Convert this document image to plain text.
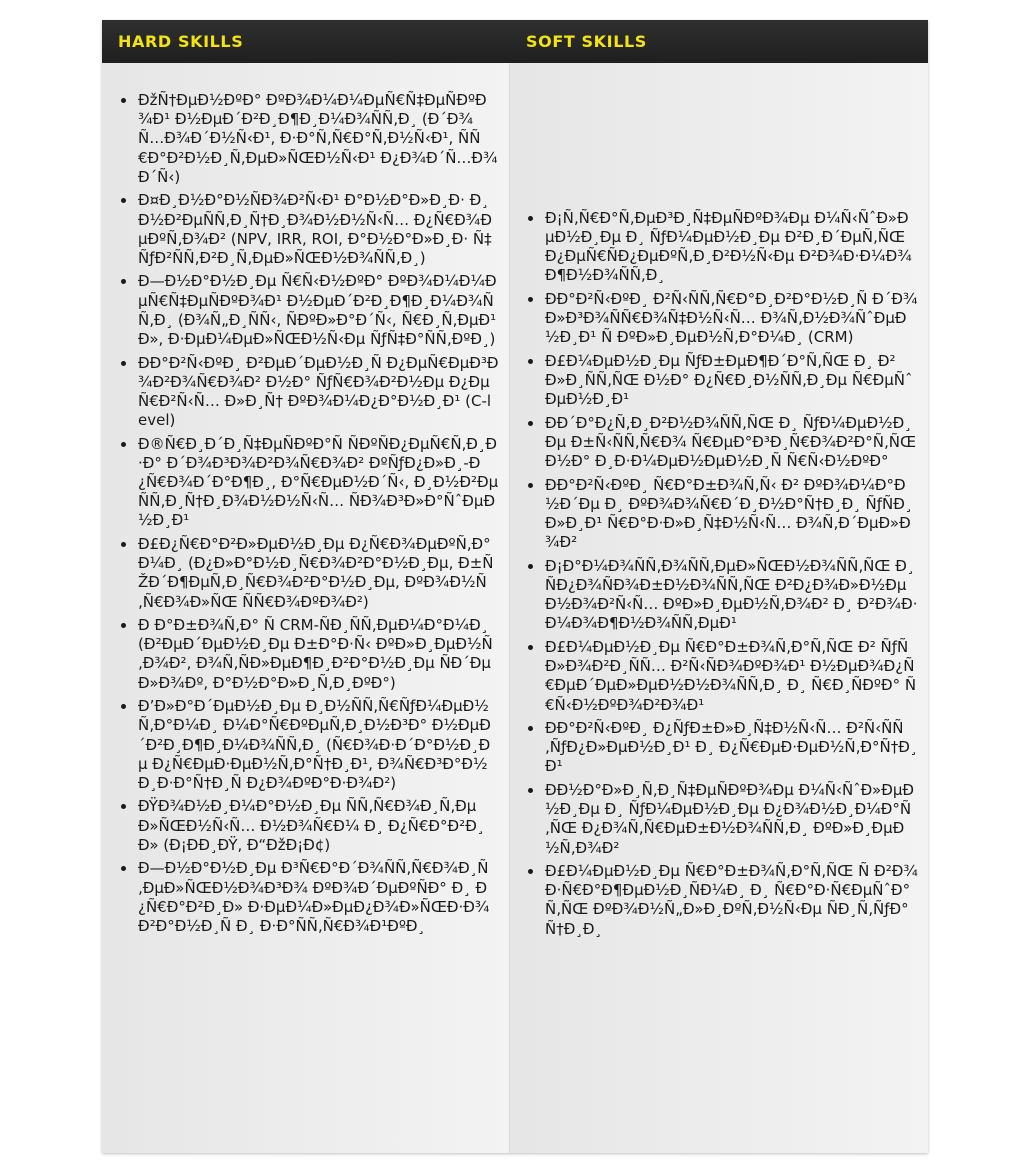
HARD SKILLS	SOFT SKILLS
ÐžÑ†ÐµÐ½ÐºÐ° ÐºÐ¾Ð¼Ð¼ÐµÑ€Ñ‡ÐµÑÐºÐ¾Ð¹ Ð½ÐµÐ´Ð²Ð¸Ð¶Ð¸Ð¼Ð¾ÑÑ‚Ð¸ (Ð´Ð¾Ñ…Ð¾Ð´Ð½Ñ‹Ð¹, Ð·Ð°Ñ‚Ñ€Ð°Ñ‚Ð½Ñ‹Ð¹, ÑÑ€Ð°Ð²Ð½Ð¸Ñ‚ÐµÐ»ÑŒÐ½Ñ‹Ð¹ Ð¿Ð¾Ð´Ñ…Ð¾Ð´Ñ‹)
Ð¤Ð¸Ð½Ð°Ð½ÑÐ¾Ð²Ñ‹Ð¹ Ð°Ð½Ð°Ð»Ð¸Ð· Ð¸Ð½Ð²ÐµÑÑ‚Ð¸Ñ†Ð¸Ð¾Ð½Ð½Ñ‹Ñ… Ð¿Ñ€Ð¾ÐµÐºÑ‚Ð¾Ð² (NPV, IRR, ROI, Ð°Ð½Ð°Ð»Ð¸Ð· Ñ‡ÑƒÐ²ÑÑ‚Ð²Ð¸Ñ‚ÐµÐ»ÑŒÐ½Ð¾ÑÑ‚Ð¸)
Ð—Ð½Ð°Ð½Ð¸Ðµ Ñ€Ñ‹Ð½ÐºÐ° ÐºÐ¾Ð¼Ð¼ÐµÑ€Ñ‡ÐµÑÐºÐ¾Ð¹ Ð½ÐµÐ´Ð²Ð¸Ð¶Ð¸Ð¼Ð¾ÑÑ‚Ð¸ (Ð¾Ñ„Ð¸ÑÑ‹, ÑÐºÐ»Ð°Ð´Ñ‹, Ñ€Ð¸Ñ‚ÐµÐ¹Ð», Ð·ÐµÐ¼ÐµÐ»ÑŒÐ½Ñ‹Ðµ ÑƒÑ‡Ð°ÑÑ‚ÐºÐ¸)
ÐÐ°Ð²Ñ‹ÐºÐ¸ Ð²ÐµÐ´ÐµÐ½Ð¸Ñ Ð¿ÐµÑ€ÐµÐ³Ð¾Ð²Ð¾Ñ€Ð¾Ð² Ð½Ð° ÑƒÑ€Ð¾Ð²Ð½Ðµ Ð¿ÐµÑ€Ð²Ñ‹Ñ… Ð»Ð¸Ñ† ÐºÐ¾Ð¼Ð¿Ð°Ð½Ð¸Ð¹ (C-level)
Ð®Ñ€Ð¸Ð´Ð¸Ñ‡ÐµÑÐºÐ°Ñ ÑÐºÑÐ¿ÐµÑ€Ñ‚Ð¸Ð·Ð° Ð´Ð¾Ð³Ð¾Ð²Ð¾Ñ€Ð¾Ð² ÐºÑƒÐ¿Ð»Ð¸-Ð¿Ñ€Ð¾Ð´Ð°Ð¶Ð¸, Ð°Ñ€ÐµÐ½Ð´Ñ‹, Ð¸Ð½Ð²ÐµÑÑ‚Ð¸Ñ†Ð¸Ð¾Ð½Ð½Ñ‹Ñ… ÑÐ¾Ð³Ð»Ð°ÑˆÐµÐ½Ð¸Ð¹
Ð£Ð¿Ñ€Ð°Ð²Ð»ÐµÐ½Ð¸Ðµ Ð¿Ñ€Ð¾ÐµÐºÑ‚Ð°Ð¼Ð¸ (Ð¿Ð»Ð°Ð½Ð¸Ñ€Ð¾Ð²Ð°Ð½Ð¸Ðµ, Ð±ÑŽÐ´Ð¶ÐµÑ‚Ð¸Ñ€Ð¾Ð²Ð°Ð½Ð¸Ðµ, ÐºÐ¾Ð½Ñ‚Ñ€Ð¾Ð»ÑŒ ÑÑ€Ð¾ÐºÐ¾Ð²)
Ð Ð°Ð±Ð¾Ñ‚Ð° Ñ CRM-ÑÐ¸ÑÑ‚ÐµÐ¼Ð°Ð¼Ð¸ (Ð²ÐµÐ´ÐµÐ½Ð¸Ðµ Ð±Ð°Ð·Ñ‹ ÐºÐ»Ð¸ÐµÐ½Ñ‚Ð¾Ð², Ð¾Ñ‚ÑÐ»ÐµÐ¶Ð¸Ð²Ð°Ð½Ð¸Ðµ ÑÐ´ÐµÐ»Ð¾Ðº, Ð°Ð½Ð°Ð»Ð¸Ñ‚Ð¸ÐºÐ°)
Ð’Ð»Ð°Ð´ÐµÐ½Ð¸Ðµ Ð¸Ð½ÑÑ‚Ñ€ÑƒÐ¼ÐµÐ½Ñ‚Ð°Ð¼Ð¸ Ð¼Ð°Ñ€ÐºÐµÑ‚Ð¸Ð½Ð³Ð° Ð½ÐµÐ´Ð²Ð¸Ð¶Ð¸Ð¼Ð¾ÑÑ‚Ð¸ (Ñ€Ð¾Ð·Ð´Ð°Ð½Ð¸Ðµ Ð¿Ñ€ÐµÐ·ÐµÐ½Ñ‚Ð°Ñ†Ð¸Ð¹, Ð¾Ñ€Ð³Ð°Ð½Ð¸Ð·Ð°Ñ†Ð¸Ñ Ð¿Ð¾ÐºÐ°Ð·Ð¾Ð²)
ÐŸÐ¾Ð½Ð¸Ð¼Ð°Ð½Ð¸Ðµ ÑÑ‚Ñ€Ð¾Ð¸Ñ‚ÐµÐ»ÑŒÐ½Ñ‹Ñ… Ð½Ð¾Ñ€Ð¼ Ð¸ Ð¿Ñ€Ð°Ð²Ð¸Ð» (Ð¡ÐÐ¸ÐŸ, Ð“ÐžÐ¡Ð¢)
Ð—Ð½Ð°Ð½Ð¸Ðµ Ð³Ñ€Ð°Ð´Ð¾ÑÑ‚Ñ€Ð¾Ð¸Ñ‚ÐµÐ»ÑŒÐ½Ð¾Ð³Ð¾ ÐºÐ¾Ð´ÐµÐºÑÐ° Ð¸ Ð¿Ñ€Ð°Ð²Ð¸Ð» Ð·ÐµÐ¼Ð»ÐµÐ¿Ð¾Ð»ÑŒÐ·Ð¾Ð²Ð°Ð½Ð¸Ñ Ð¸ Ð·Ð°ÑÑ‚Ñ€Ð¾Ð¹ÐºÐ¸
Ð¡Ñ‚Ñ€Ð°Ñ‚ÐµÐ³Ð¸Ñ‡ÐµÑÐºÐ¾Ðµ Ð¼Ñ‹ÑˆÐ»ÐµÐ½Ð¸Ðµ Ð¸ ÑƒÐ¼ÐµÐ½Ð¸Ðµ Ð²Ð¸Ð´ÐµÑ‚ÑŒ Ð¿ÐµÑ€ÑÐ¿ÐµÐºÑ‚Ð¸Ð²Ð½Ñ‹Ðµ Ð²Ð¾Ð·Ð¼Ð¾Ð¶Ð½Ð¾ÑÑ‚Ð¸
ÐÐ°Ð²Ñ‹ÐºÐ¸ Ð²Ñ‹ÑÑ‚Ñ€Ð°Ð¸Ð²Ð°Ð½Ð¸Ñ Ð´Ð¾Ð»Ð³Ð¾ÑÑ€Ð¾Ñ‡Ð½Ñ‹Ñ… Ð¾Ñ‚Ð½Ð¾ÑˆÐµÐ½Ð¸Ð¹ Ñ ÐºÐ»Ð¸ÐµÐ½Ñ‚Ð°Ð¼Ð¸ (CRM)
Ð£Ð¼ÐµÐ½Ð¸Ðµ ÑƒÐ±ÐµÐ¶Ð´Ð°Ñ‚ÑŒ Ð¸ Ð²Ð»Ð¸ÑÑ‚ÑŒ Ð½Ð° Ð¿Ñ€Ð¸Ð½ÑÑ‚Ð¸Ðµ Ñ€ÐµÑˆÐµÐ½Ð¸Ð¹
ÐÐ´Ð°Ð¿Ñ‚Ð¸Ð²Ð½Ð¾ÑÑ‚ÑŒ Ð¸ ÑƒÐ¼ÐµÐ½Ð¸Ðµ Ð±Ñ‹ÑÑ‚Ñ€Ð¾ Ñ€ÐµÐ°Ð³Ð¸Ñ€Ð¾Ð²Ð°Ñ‚ÑŒ Ð½Ð° Ð¸Ð·Ð¼ÐµÐ½ÐµÐ½Ð¸Ñ Ñ€Ñ‹Ð½ÐºÐ°
ÐÐ°Ð²Ñ‹ÐºÐ¸ Ñ€Ð°Ð±Ð¾Ñ‚Ñ‹ Ð² ÐºÐ¾Ð¼Ð°Ð½Ð´Ðµ Ð¸ ÐºÐ¾Ð¾Ñ€Ð´Ð¸Ð½Ð°Ñ†Ð¸Ð¸ ÑƒÑÐ¸Ð»Ð¸Ð¹ Ñ€Ð°Ð·Ð»Ð¸Ñ‡Ð½Ñ‹Ñ… Ð¾Ñ‚Ð´ÐµÐ»Ð¾Ð²
Ð¡Ð°Ð¼Ð¾ÑÑ‚Ð¾ÑÑ‚ÐµÐ»ÑŒÐ½Ð¾ÑÑ‚ÑŒ Ð¸ ÑÐ¿Ð¾ÑÐ¾Ð±Ð½Ð¾ÑÑ‚ÑŒ Ð²Ð¿Ð¾Ð»Ð½Ðµ Ð½Ð¾Ð²Ñ‹Ñ… ÐºÐ»Ð¸ÐµÐ½Ñ‚Ð¾Ð² Ð¸ Ð²Ð¾Ð·Ð¼Ð¾Ð¶Ð½Ð¾ÑÑ‚ÐµÐ¹
Ð£Ð¼ÐµÐ½Ð¸Ðµ Ñ€Ð°Ð±Ð¾Ñ‚Ð°Ñ‚ÑŒ Ð² ÑƒÑÐ»Ð¾Ð²Ð¸ÑÑ… Ð²Ñ‹ÑÐ¾ÐºÐ¾Ð¹ Ð½ÐµÐ¾Ð¿Ñ€ÐµÐ´ÐµÐ»ÐµÐ½Ð½Ð¾ÑÑ‚Ð¸ Ð¸ Ñ€Ð¸ÑÐºÐ° Ñ€Ñ‹Ð½ÐºÐ¾Ð²Ð¾Ð¹
ÐÐ°Ð²Ñ‹ÐºÐ¸ Ð¿ÑƒÐ±Ð»Ð¸Ñ‡Ð½Ñ‹Ñ… Ð²Ñ‹ÑÑ‚ÑƒÐ¿Ð»ÐµÐ½Ð¸Ð¹ Ð¸ Ð¿Ñ€ÐµÐ·ÐµÐ½Ñ‚Ð°Ñ†Ð¸Ð¹
ÐÐ½Ð°Ð»Ð¸Ñ‚Ð¸Ñ‡ÐµÑÐºÐ¾Ðµ Ð¼Ñ‹ÑˆÐ»ÐµÐ½Ð¸Ðµ Ð¸ ÑƒÐ¼ÐµÐ½Ð¸Ðµ Ð¿Ð¾Ð½Ð¸Ð¼Ð°Ñ‚ÑŒ Ð¿Ð¾Ñ‚Ñ€ÐµÐ±Ð½Ð¾ÑÑ‚Ð¸ ÐºÐ»Ð¸ÐµÐ½Ñ‚Ð¾Ð²
Ð£Ð¼ÐµÐ½Ð¸Ðµ Ñ€Ð°Ð±Ð¾Ñ‚Ð°Ñ‚ÑŒ Ñ Ð²Ð¾Ð·Ñ€Ð°Ð¶ÐµÐ½Ð¸ÑÐ¼Ð¸ Ð¸ Ñ€Ð°Ð·Ñ€ÐµÑˆÐ°Ñ‚ÑŒ ÐºÐ¾Ð½Ñ„Ð»Ð¸ÐºÑ‚Ð½Ñ‹Ðµ ÑÐ¸Ñ‚ÑƒÐ°Ñ†Ð¸Ð¸
